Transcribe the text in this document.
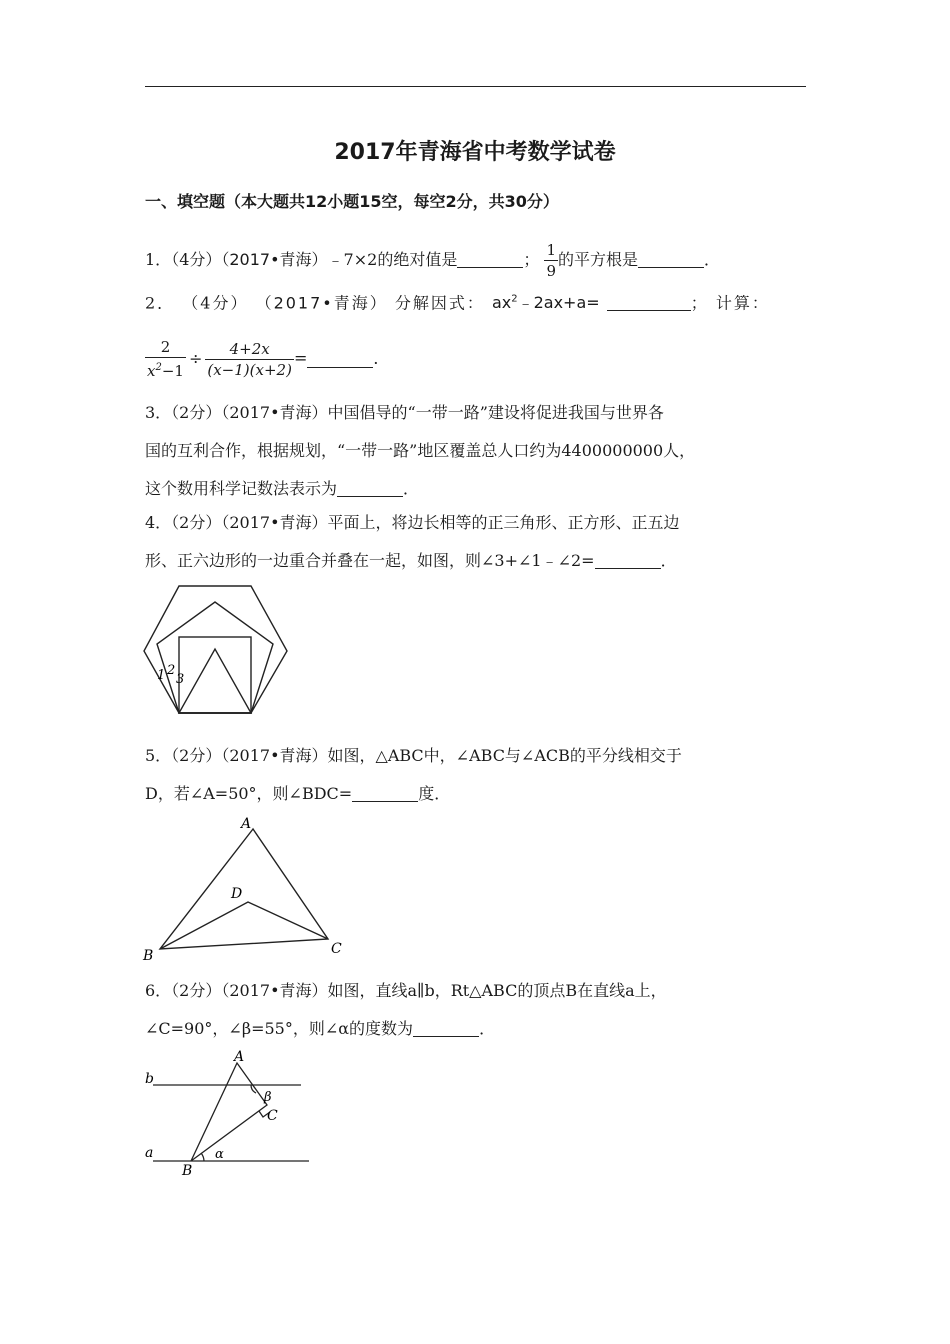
2017年青海省中考数学试卷
一、填空题（本大题共12小题15空，每空2分，共30分）
1．（4分）（2017•青海）﹣7×2的绝对值是	； $\frac{1}{9}$ 的平方根是	．
2． （4分） （2017•青海） 分解因式： $ax^2﹣2ax+a=$	； 计算：
$\frac{2}{x^2-1} \div \frac{4+2x}{(x-1)(x+2)}$ =	．
3．（2分）（2017•青海）中国倡导的“一带一路”建设将促进我国与世界各
国的互利合作，根据规划，“一带一路”地区覆盖总人口约为4400000000人，
这个数用科学记数法表示为	．
4．（2分）（2017•青海）平面上，将边长相等的正三角形、正方形、正五边
形、正六边形的一边重合并叠在一起，如图，则∠3+∠1﹣∠2=	．
1 2
3
5．（2分）（2017•青海）如图，△ABC中，∠ABC与∠ACB的平分线相交于
D，若∠A=50°，则∠BDC=	度．
A
B	C
D
6．（2分）（2017•青海）如图，直线a∥b，Rt△ABC的顶点B在直线a上，
∠C=90°，∠β=55°，则∠α的度数为	．
A
B
C
a
b
α
β
